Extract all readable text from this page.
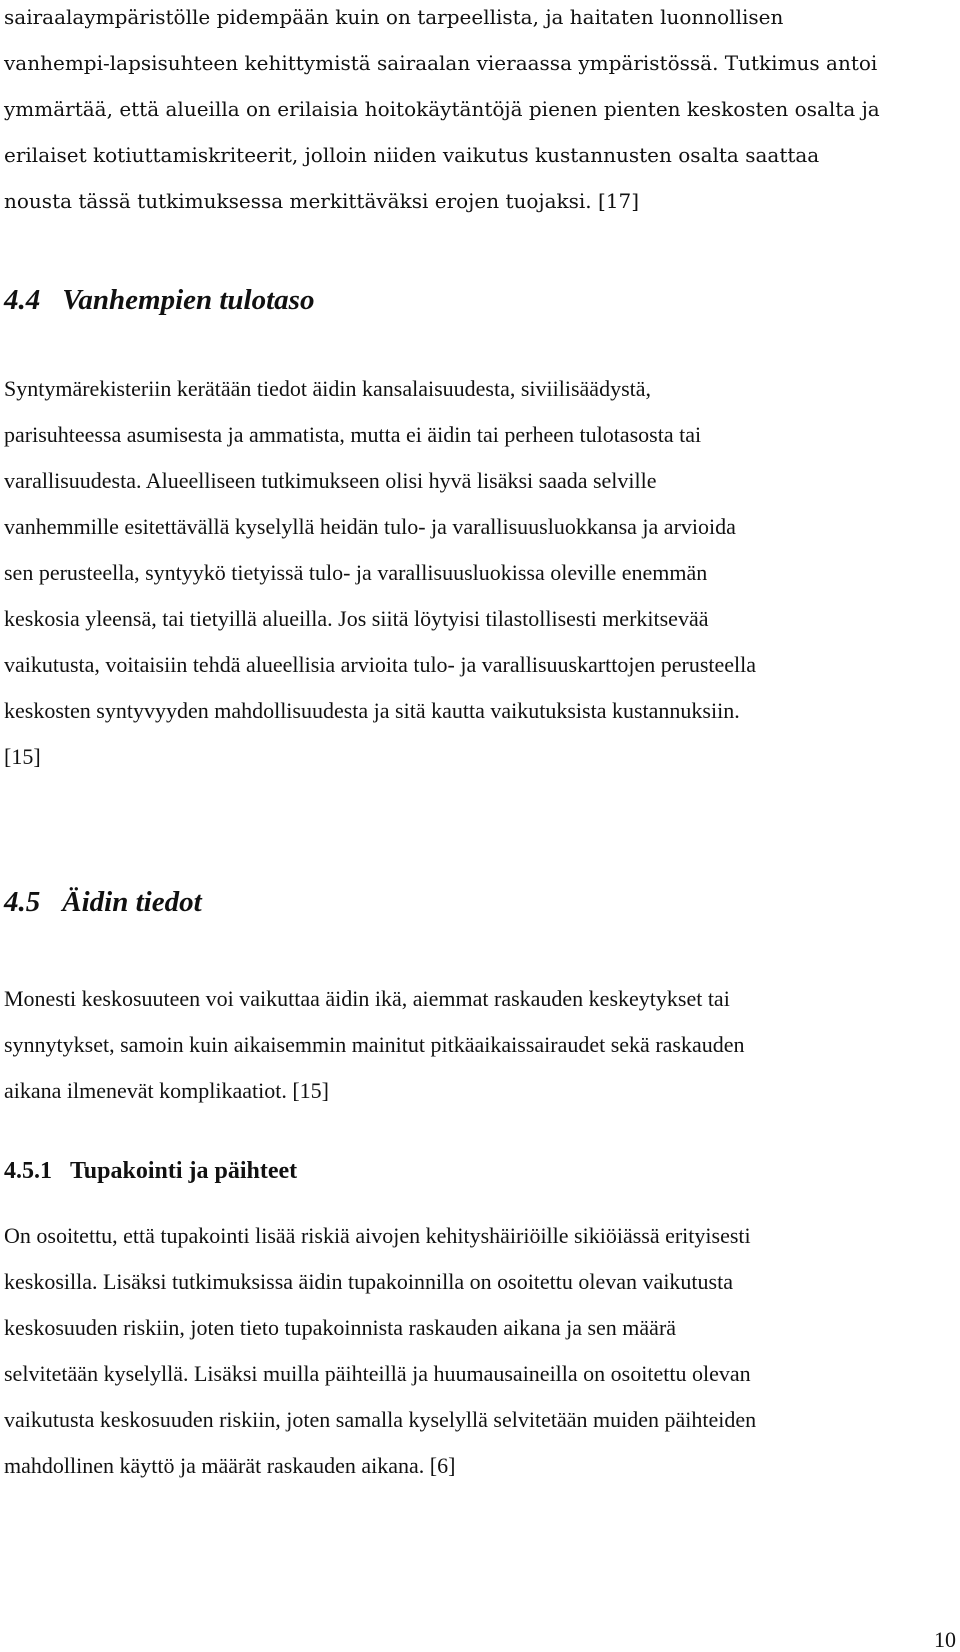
sairaalaympäristölle pidempään kuin on tarpeellista, ja haitaten luonnollisen
vanhempi-lapsisuhteen kehittymistä sairaalan vieraassa ympäristössä. Tutkimus antoi
ymmärtää, että alueilla on erilaisia hoitokäytäntöjä pienen pienten keskosten osalta ja
erilaiset kotiuttamiskriteerit, jolloin niiden vaikutus kustannusten osalta saattaa
nousta tässä tutkimuksessa merkittäväksi erojen tuojaksi. [17]

4.4 Vanhempien tulotaso

Syntymärekisteriin kerätään tiedot äidin kansalaisuudesta, siviilisäädystä,
parisuhteessa asumisesta ja ammatista, mutta ei äidin tai perheen tulotasosta tai
varallisuudesta. Alueelliseen tutkimukseen olisi hyvä lisäksi saada selville
vanhemmille esitettävällä kyselyllä heidän tulo- ja varallisuusluokkansa ja arvioida
sen perusteella, syntyykö tietyissä tulo- ja varallisuusluokissa oleville enemmän
keskosia yleensä, tai tietyillä alueilla. Jos siitä löytyisi tilastollisesti merkitsevää
vaikutusta, voitaisiin tehdä alueellisia arvioita tulo- ja varallisuuskarttojen perusteella
keskosten syntyvyyden mahdollisuudesta ja sitä kautta vaikutuksista kustannuksiin.
[15]

4.5 Äidin tiedot

Monesti keskosuuteen voi vaikuttaa äidin ikä, aiemmat raskauden keskeytykset tai
synnytykset, samoin kuin aikaisemmin mainitut pitkäaikaissairaudet sekä raskauden
aikana ilmenevät komplikaatiot. [15]

4.5.1 Tupakointi ja päihteet

On osoitettu, että tupakointi lisää riskiä aivojen kehityshäiriöille sikiöiässä erityisesti
keskosilla. Lisäksi tutkimuksissa äidin tupakoinnilla on osoitettu olevan vaikutusta
keskosuuden riskiin, joten tieto tupakoinnista raskauden aikana ja sen määrä
selvitetään kyselyllä. Lisäksi muilla päihteillä ja huumausaineilla on osoitettu olevan
vaikutusta keskosuuden riskiin, joten samalla kyselyllä selvitetään muiden päihteiden
mahdollinen käyttö ja määrät raskauden aikana. [6]

10
